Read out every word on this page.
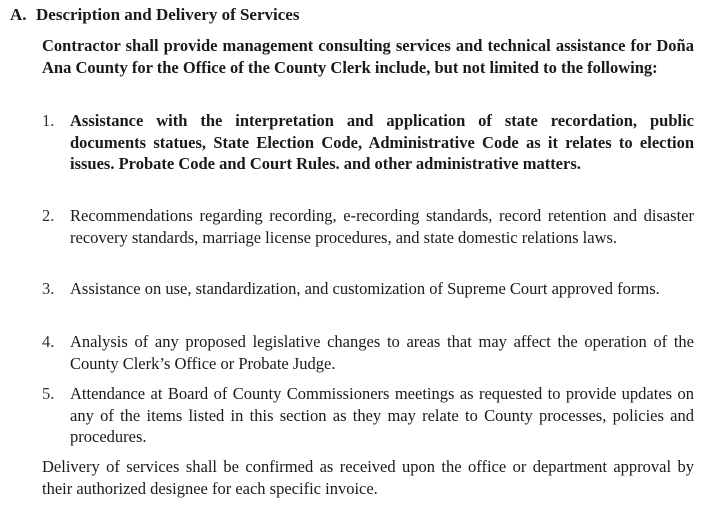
A. Description and Delivery of Services
Contractor shall provide management consulting services and technical assistance for Doña Ana County for the Office of the County Clerk include, but not limited to the following:
1. Assistance with the interpretation and application of state recordation, public documents statues, State Election Code, Administrative Code as it relates to election issues. Probate Code and Court Rules. and other administrative matters.
2. Recommendations regarding recording, e-recording standards, record retention and disaster recovery standards, marriage license procedures, and state domestic relations laws.
3. Assistance on use, standardization, and customization of Supreme Court approved forms.
4. Analysis of any proposed legislative changes to areas that may affect the operation of the County Clerk’s Office or Probate Judge.
5. Attendance at Board of County Commissioners meetings as requested to provide updates on any of the items listed in this section as they may relate to County processes, policies and procedures.
Delivery of services shall be confirmed as received upon the office or department approval by their authorized designee for each specific invoice.
